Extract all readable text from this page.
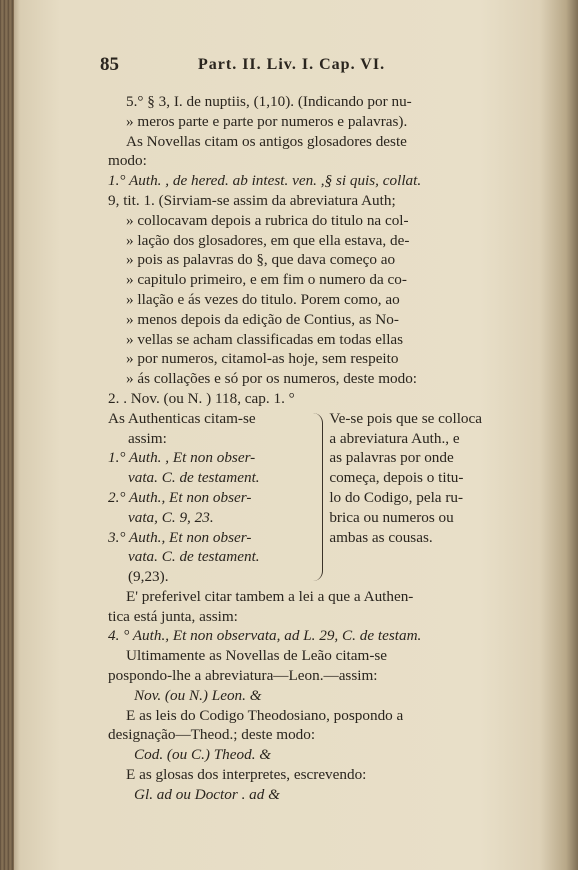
85	Part. II. Liv. I. Cap. VI.
5.° § 3, I. de nuptiis, (1,10). (Indicando por nu-
» meros parte e parte por numeros e palavras).
As Novellas citam os antigos glosadores deste
modo:
1.° Auth. , de hered. ab intest. ven. ,§ si quis, collat.
9, tit. 1. (Sirviam-se assim da abreviatura Auth;
» collocavam depois a rubrica do titulo na col-
» lação dos glosadores, em que ella estava, de-
» pois as palavras do §, que dava começo ao
» capitulo primeiro, e em fim o numero da co-
» llação e ás vezes do titulo. Porem como, ao
» menos depois da edição de Contius, as No-
» vellas se acham classificadas em todas ellas
» por numeros, citamol-as hoje, sem respeito
» ás collações e só por os numeros, deste modo:
2. . Nov. (ou N. ) 118, cap. 1. °
As Authenticas citam-se
assim:
1.° Auth. , Et non obser-
vata. C. de testament.
2.° Auth., Et non obser-
vata, C. 9, 23.
3.° Auth., Et non obser-
vata. C. de testament.
(9,23).
Ve-se pois que se colloca
a abreviatura Auth., e
as palavras por onde
começa, depois o titu-
lo do Codigo, pela ru-
brica ou numeros ou
ambas as cousas.
E' preferivel citar tambem a lei a que a Authen-
tica está junta, assim:
4. ° Auth., Et non observata, ad L. 29, C. de testam.
Ultimamente as Novellas de Leão citam-se
pospondo-lhe a abreviatura—Leon.—assim:
Nov. (ou N.) Leon. &
E as leis do Codigo Theodosiano, pospondo a
designação—Theod.; deste modo:
Cod. (ou C.) Theod. &
E as glosas dos interpretes, escrevendo:
Gl. ad ou Doctor . ad &
